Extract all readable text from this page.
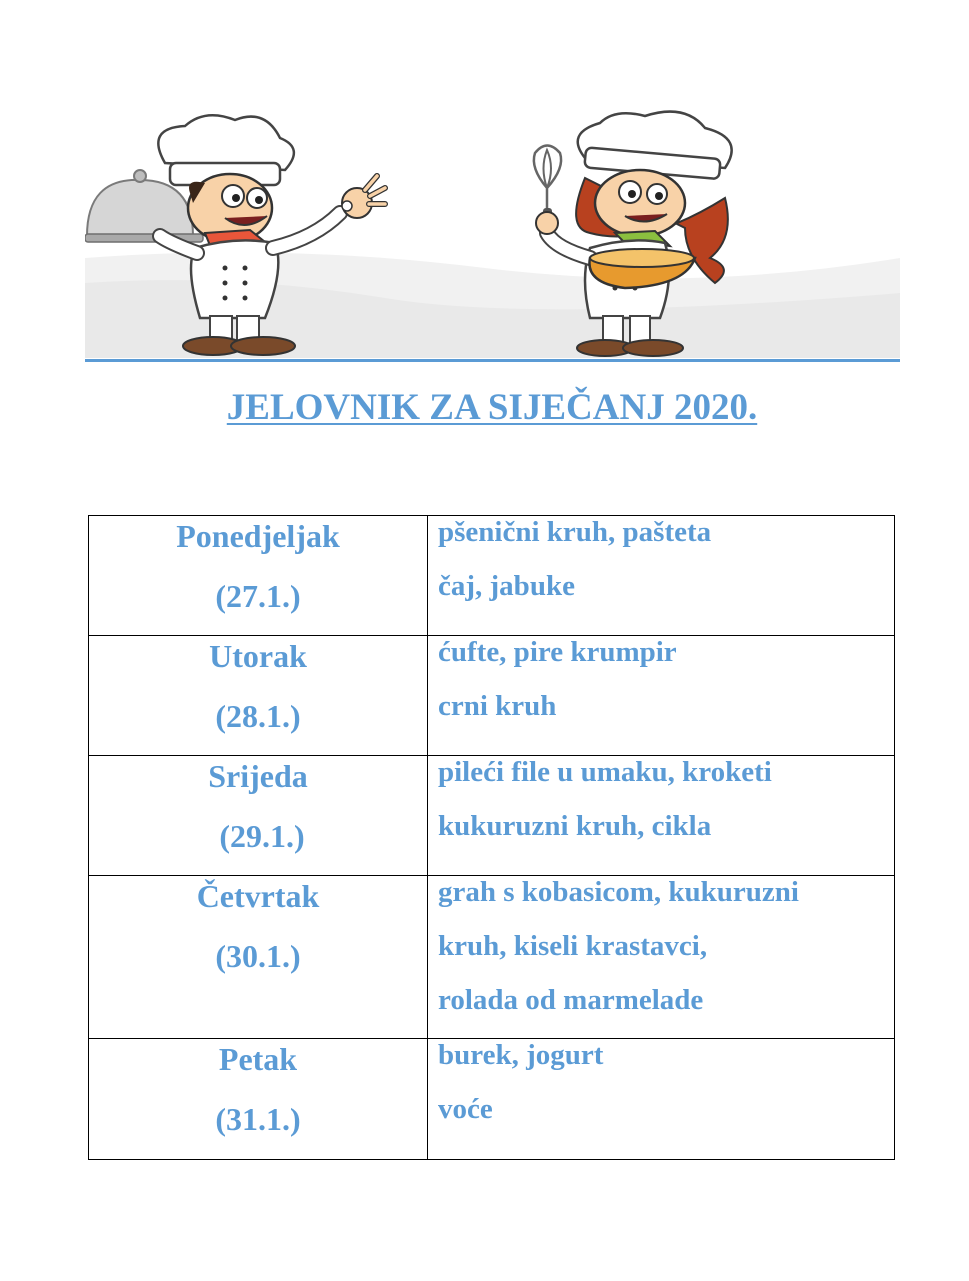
JELOVNIK ZA SIJEČANJ 2020.
Ponedjeljak
(27.1.)	pšenični kruh, pašteta
čaj, jabuke

Utorak
(28.1.)	ćufte, pire krumpir
crni kruh

Srijeda
(29.1.)	pileći file u umaku, kroketi
kukuruzni kruh, cikla

Četvrtak
(30.1.)	grah s kobasicom, kukuruzni
kruh, kiseli krastavci,
rolada od marmelade

Petak
(31.1.)	burek, jogurt
voće
